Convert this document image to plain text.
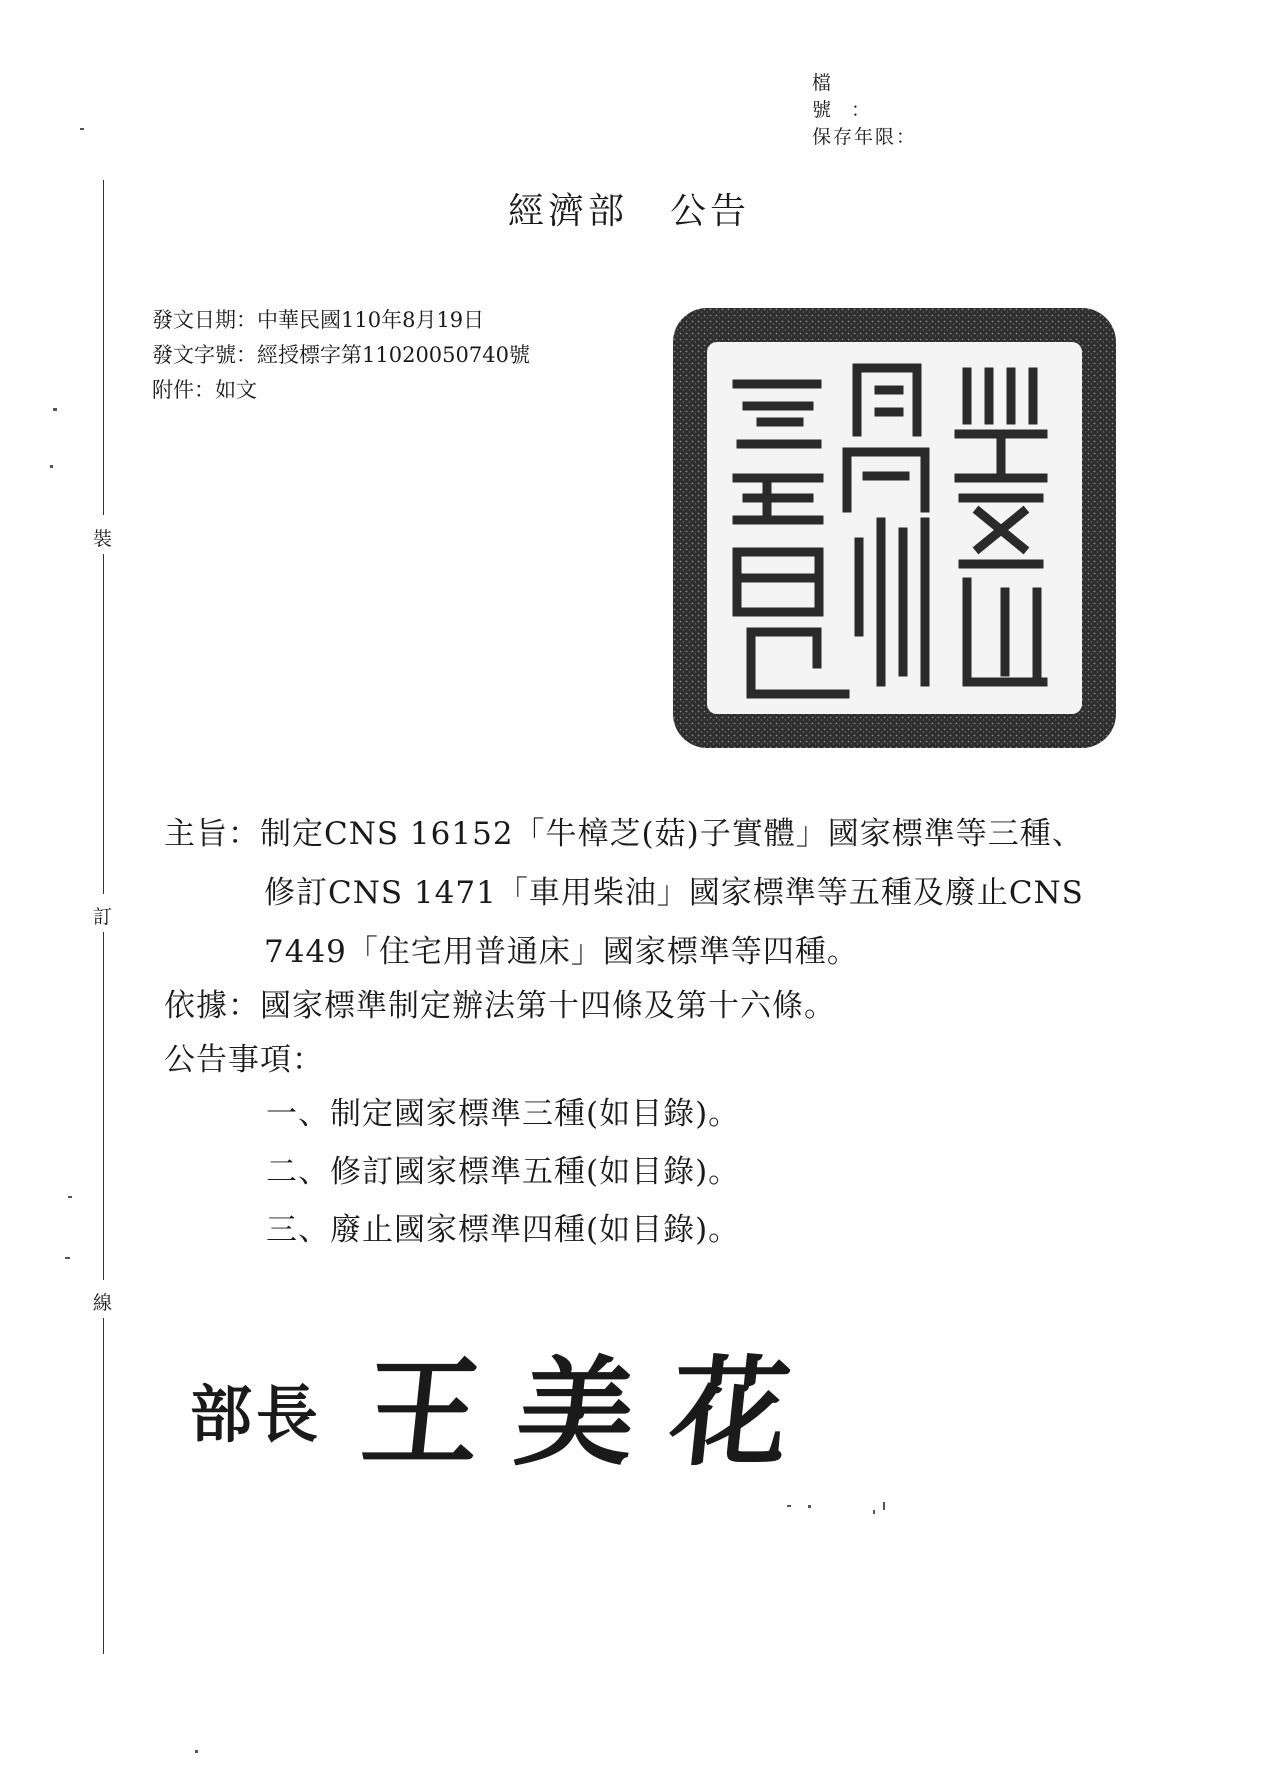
檔　號：
保存年限：
經濟部 公告
發文日期：中華民國110年8月19日
發文字號：經授標字第11020050740號
附件：如文
主旨：制定CNS 16152「牛樟芝(菇)子實體」國家標準等三種、
修訂CNS 1471「車用柴油」國家標準等五種及廢止CNS
7449「住宅用普通床」國家標準等四種。
依據：國家標準制定辦法第十四條及第十六條。
公告事項：
一、制定國家標準三種(如目錄)。
二、修訂國家標準五種(如目錄)。
三、廢止國家標準四種(如目錄)。
部長 王美花
裝
訂
線
